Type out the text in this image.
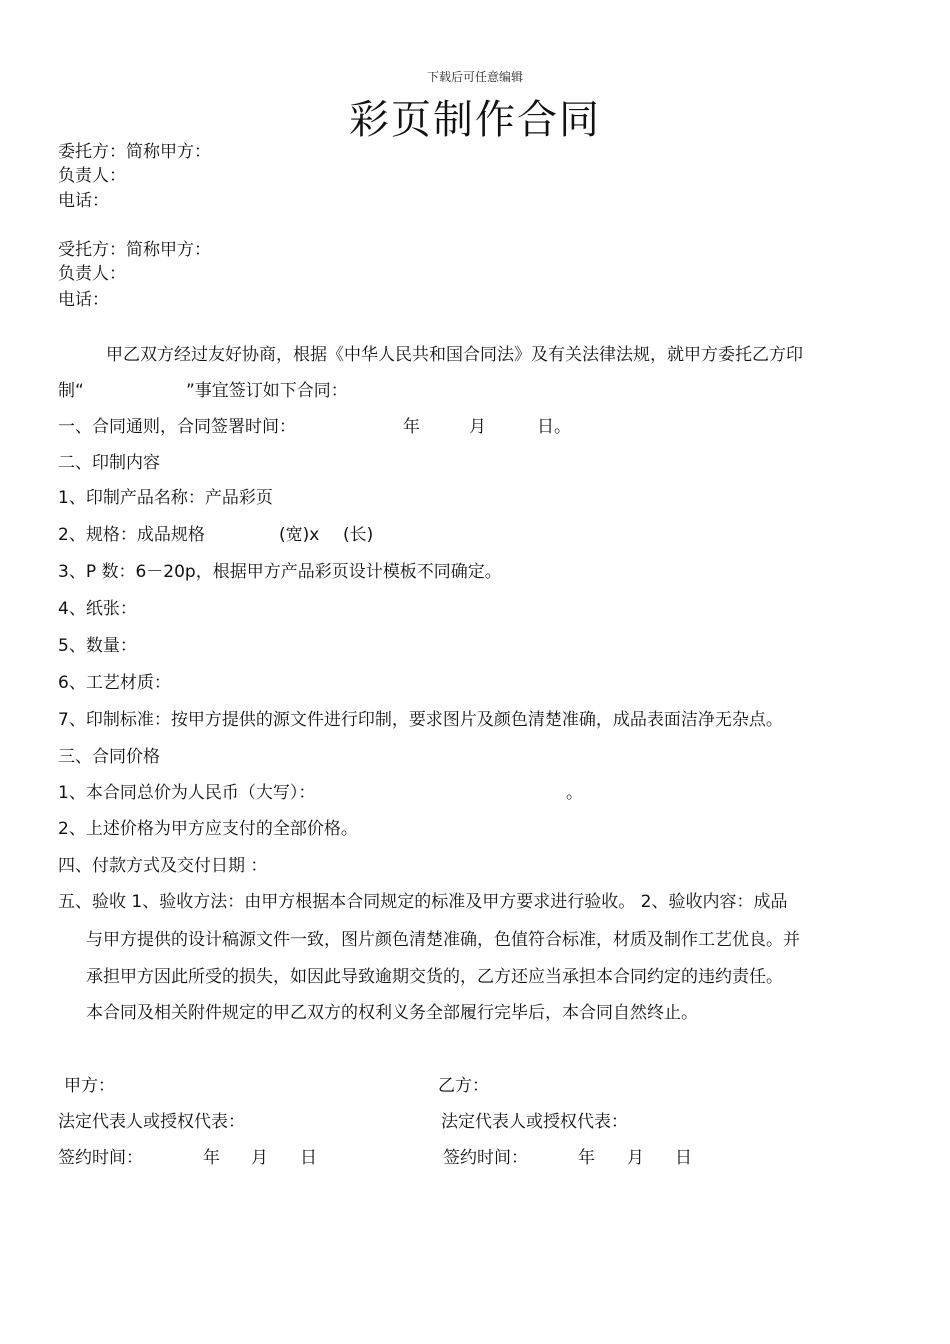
下载后可任意编辑
彩页制作合同
委托方：简称甲方：
负责人：
电话：
受托方：简称甲方：
负责人：
电话：
甲乙双方经过友好协商，根据《中华人民共和国合同法》及有关法律法规，就甲方委托乙方印
制“	”事宜签订如下合同：
一、合同通则，合同签署时间：	年	月	日。
二、印制内容
1、印制产品名称：产品彩页
2、规格：成品规格	(宽)x (长)
3、P 数：6－20p，根据甲方产品彩页设计模板不同确定。
4、纸张：
5、数量：
6、工艺材质：
7、印制标准：按甲方提供的源文件进行印制，要求图片及颜色清楚准确，成品表面洁净无杂点。
三、合同价格
1、本合同总价为人民币（大写）：	。
2、上述价格为甲方应支付的全部价格。
四、付款方式及交付日期 ：
五、验收 1、验收方法：由甲方根据本合同规定的标准及甲方要求进行验收。 2、验收内容：成品
与甲方提供的设计稿源文件一致，图片颜色清楚准确，色值符合标准，材质及制作工艺优良。并
承担甲方因此所受的损失，如因此导致逾期交货的，乙方还应当承担本合同约定的违约责任。
本合同及相关附件规定的甲乙双方的权利义务全部履行完毕后，本合同自然终止。
甲方：	乙方：
法定代表人或授权代表：	法定代表人或授权代表：
签约时间：	年 月 日	签约时间：	年 月 日
